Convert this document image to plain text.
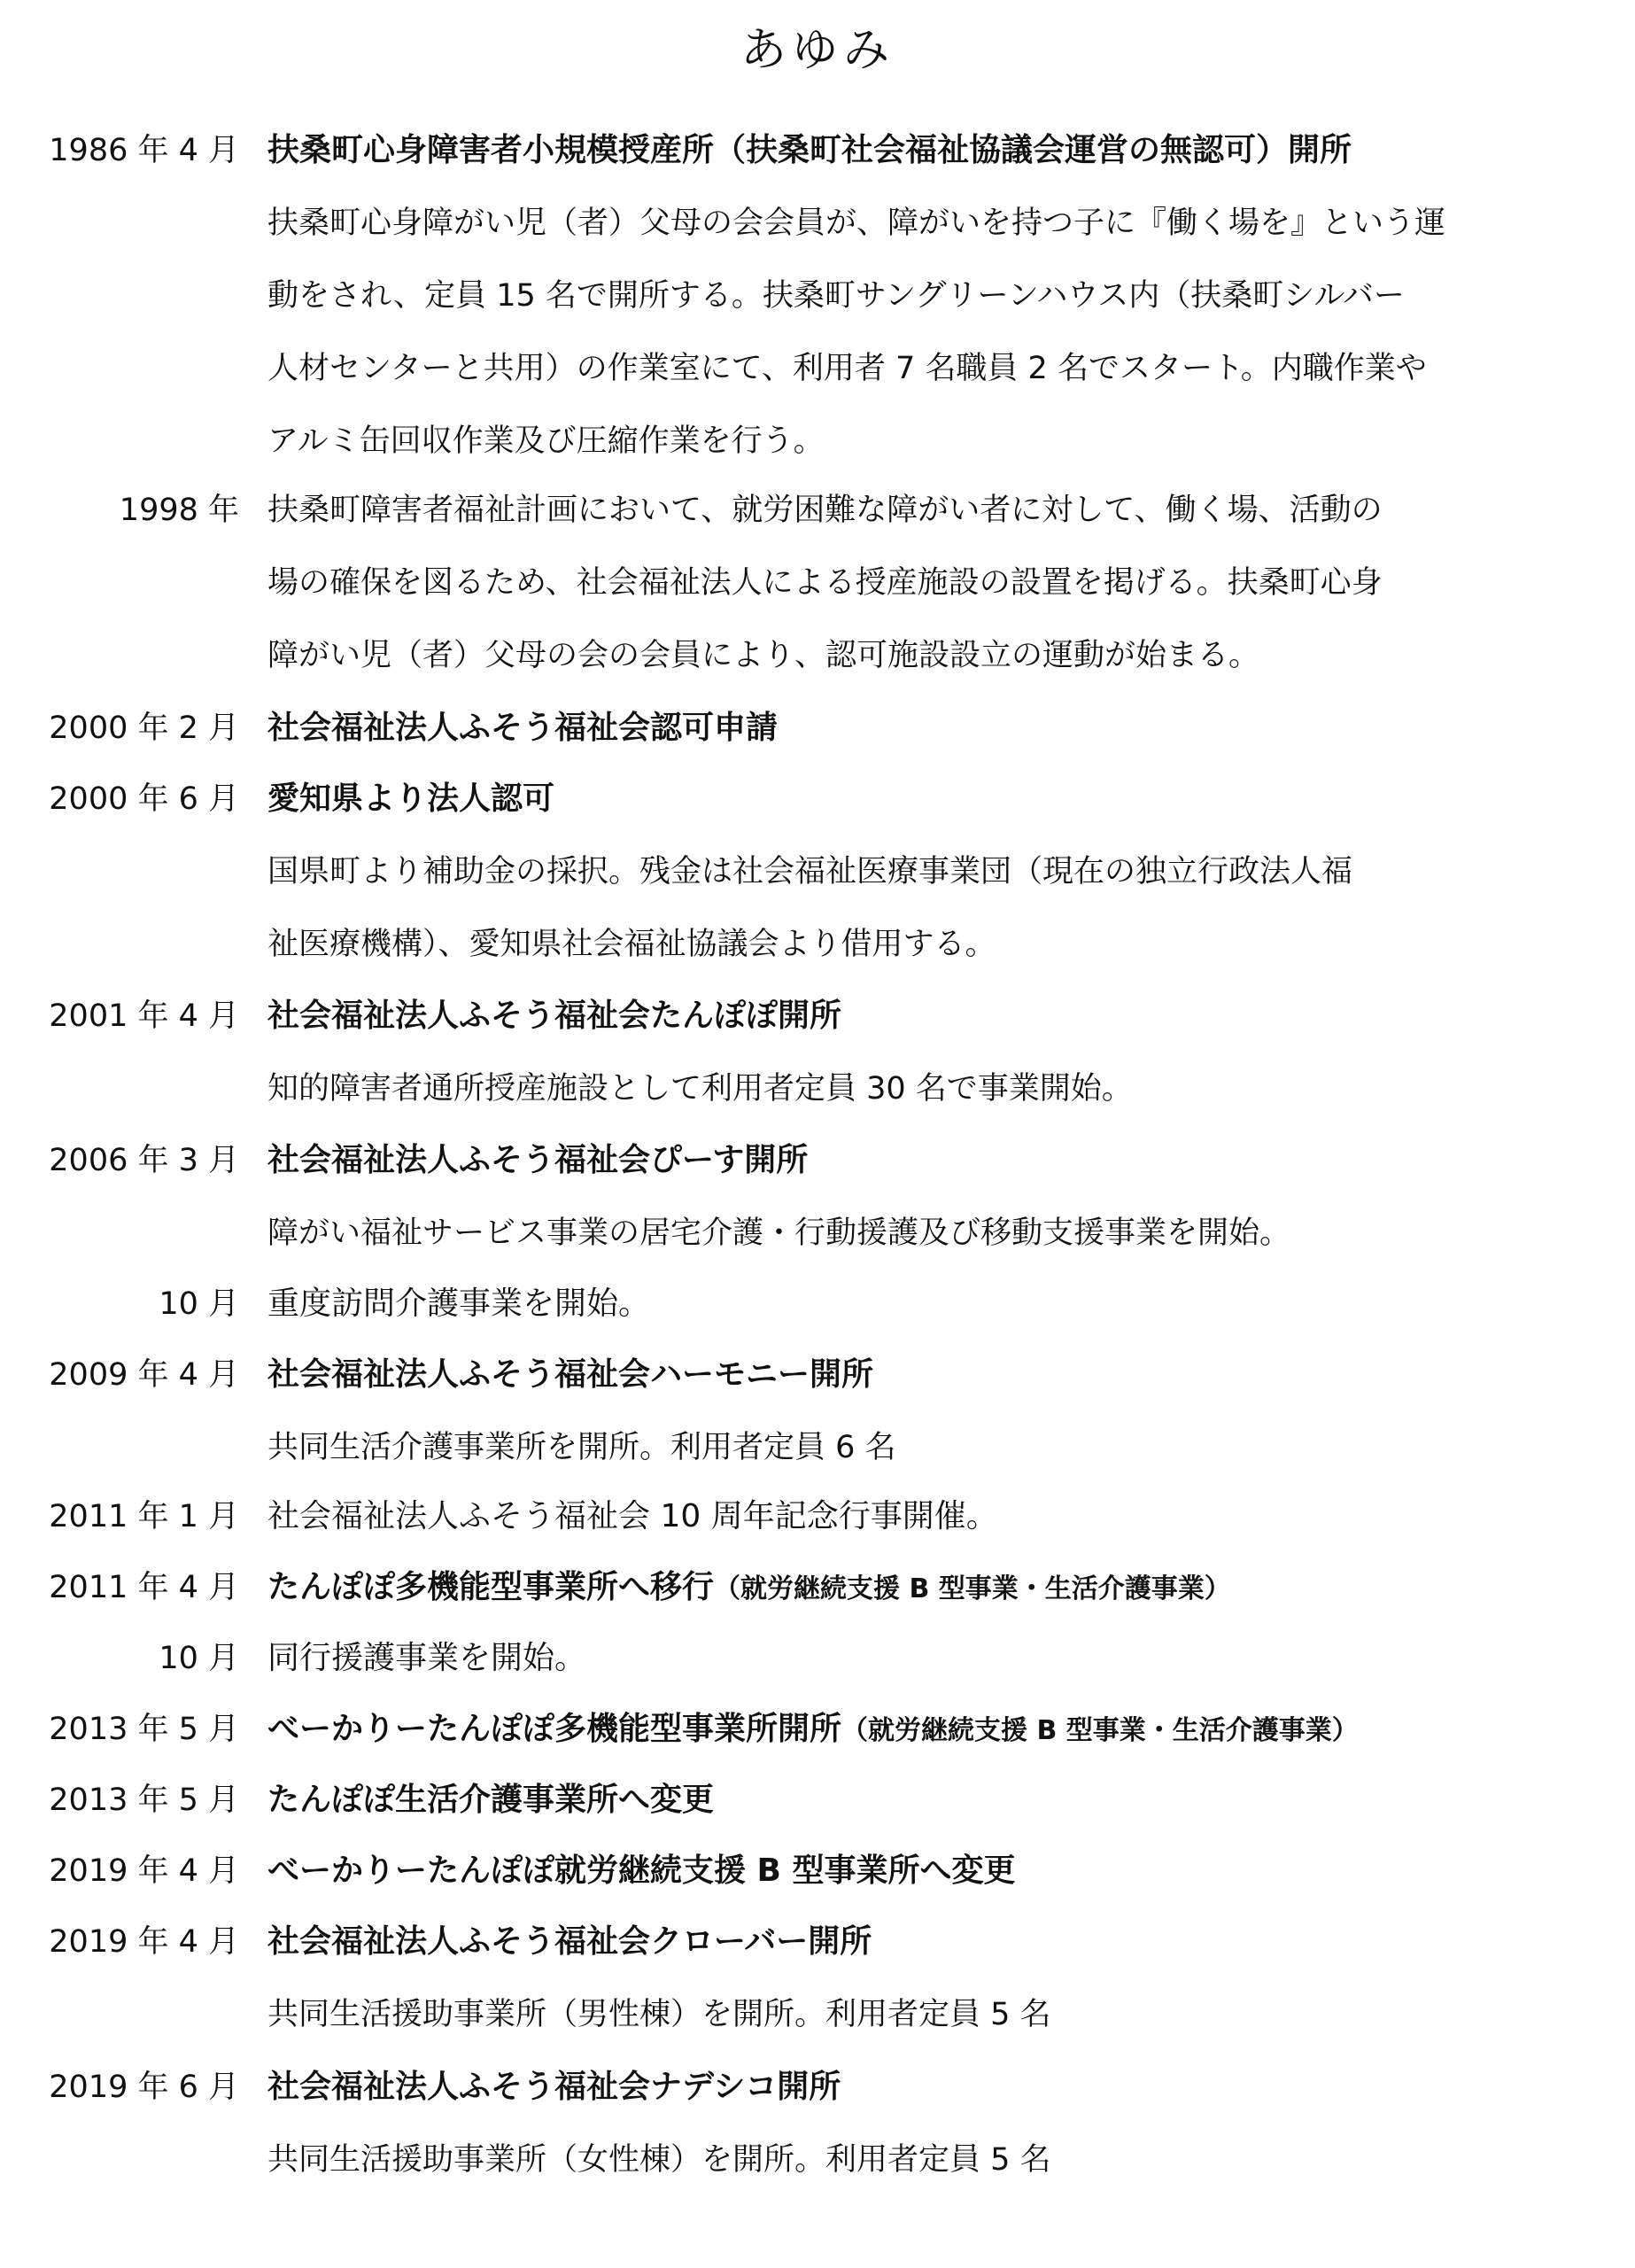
あゆみ
1986 年 4 月 扶桑町心身障害者小規模授産所（扶桑町社会福祉協議会運営の無認可）開所
扶桑町心身障がい児（者）父母の会会員が、障がいを持つ子に『働く場を』という運
動をされ、定員 15 名で開所する。扶桑町サングリーンハウス内（扶桑町シルバー
人材センターと共用）の作業室にて、利用者 7 名職員 2 名でスタート。内職作業や
アルミ缶回収作業及び圧縮作業を行う。
1998 年 扶桑町障害者福祉計画において、就労困難な障がい者に対して、働く場、活動の
場の確保を図るため、社会福祉法人による授産施設の設置を掲げる。扶桑町心身
障がい児（者）父母の会の会員により、認可施設設立の運動が始まる。
2000 年 2 月 社会福祉法人ふそう福祉会認可申請
2000 年 6 月 愛知県より法人認可
国県町より補助金の採択。残金は社会福祉医療事業団（現在の独立行政法人福
祉医療機構）、愛知県社会福祉協議会より借用する。
2001 年 4 月 社会福祉法人ふそう福祉会たんぽぽ開所
知的障害者通所授産施設として利用者定員 30 名で事業開始。
2006 年 3 月 社会福祉法人ふそう福祉会ぴーす開所
障がい福祉サービス事業の居宅介護・行動援護及び移動支援事業を開始。
10 月 重度訪問介護事業を開始。
2009 年 4 月 社会福祉法人ふそう福祉会ハーモニー開所
共同生活介護事業所を開所。利用者定員 6 名
2011 年 1 月 社会福祉法人ふそう福祉会 10 周年記念行事開催。
2011 年 4 月 たんぽぽ多機能型事業所へ移行（就労継続支援 B 型事業・生活介護事業）
10 月 同行援護事業を開始。
2013 年 5 月 べーかりーたんぽぽ多機能型事業所開所（就労継続支援 B 型事業・生活介護事業）
2013 年 5 月 たんぽぽ生活介護事業所へ変更
2019 年 4 月 べーかりーたんぽぽ就労継続支援 B 型事業所へ変更
2019 年 4 月 社会福祉法人ふそう福祉会クローバー開所
共同生活援助事業所（男性棟）を開所。利用者定員 5 名
2019 年 6 月 社会福祉法人ふそう福祉会ナデシコ開所
共同生活援助事業所（女性棟）を開所。利用者定員 5 名
